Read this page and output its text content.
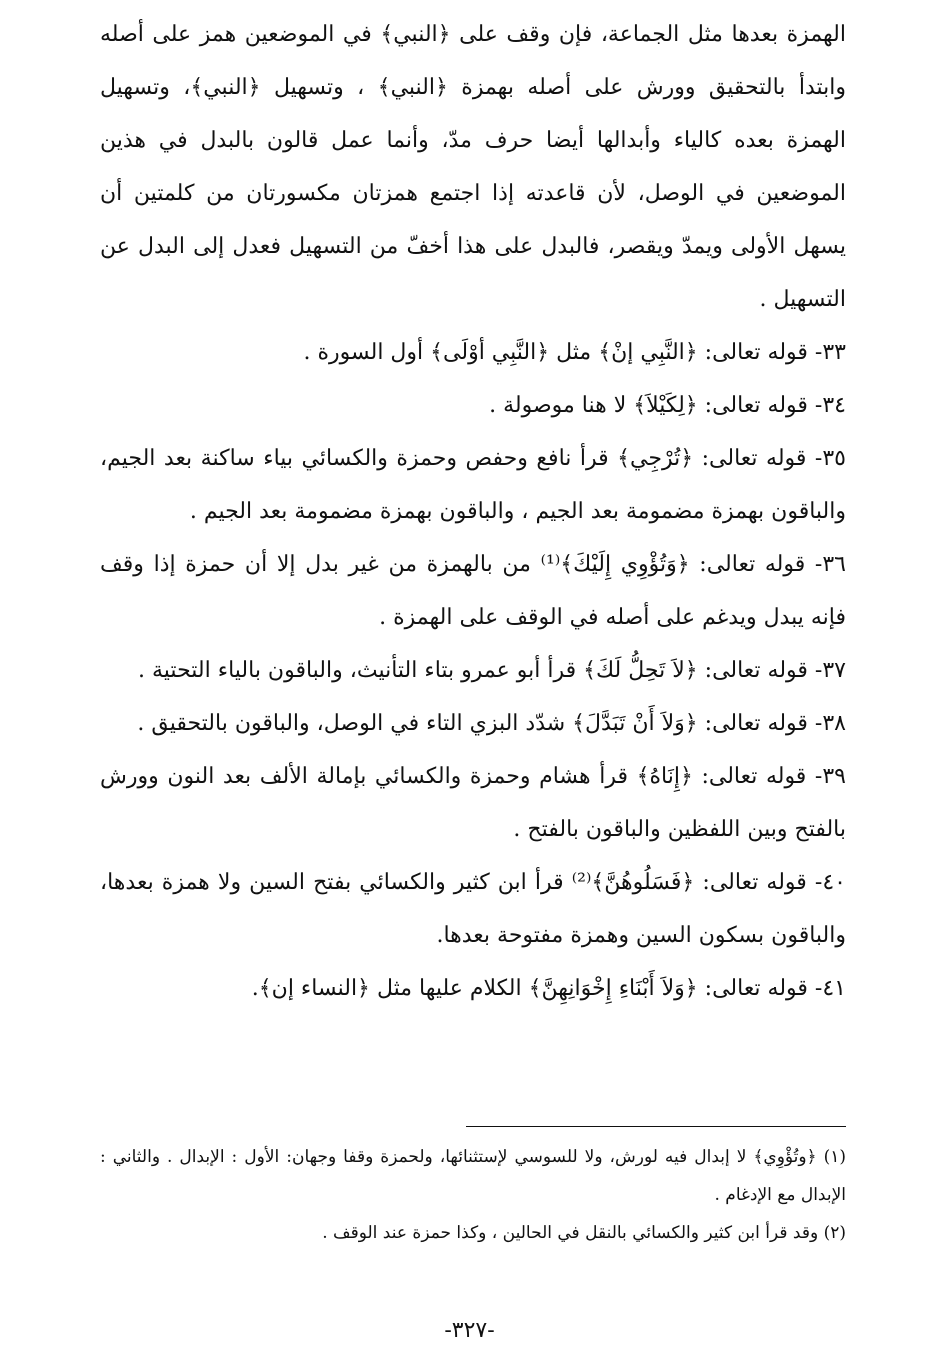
الهمزة بعدها مثل الجماعة، فإن وقف على ﴿النبي﴾ في الموضعين همز على أصله وابتدأ بالتحقيق وورش على أصله بهمزة ﴿النبي﴾ ، وتسهيل ﴿النبي﴾، وتسهيل الهمزة بعده كالياء وأبدالها أيضا حرف مدّ، وأنما عمل قالون بالبدل في هذين الموضعين في الوصل، لأن قاعدته إذا اجتمع همزتان مكسورتان من كلمتين أن يسهل الأولى ويمدّ ويقصر، فالبدل على هذا أخفّ من التسهيل فعدل إلى البدل عن التسهيل .

٣٣- قوله تعالى: ﴿النَّبِي إنْ﴾ مثل ﴿النَّبِي أوْلَى﴾ أول السورة .

٣٤- قوله تعالى: ﴿لِكَيْلاَ﴾ لا هنا موصولة .

٣٥- قوله تعالى: ﴿تُرْجِي﴾ قرأ نافع وحفص وحمزة والكسائي بياء ساكنة بعد الجيم، والباقون بهمزة مضمومة بعد الجيم ، والباقون بهمزة مضمومة بعد الجيم .

٣٦- قوله تعالى: ﴿وَتُؤْوِي إِلَيْكَ﴾⁽¹⁾ من بالهمزة من غير بدل إلا أن حمزة إذا وقف فإنه يبدل ويدغم على أصله في الوقف على الهمزة .

٣٧- قوله تعالى: ﴿لاَ تَحِلُّ لَكَ﴾ قرأ أبو عمرو بتاء التأنيث، والباقون بالياء التحتية .

٣٨- قوله تعالى: ﴿وَلاَ أَنْ تَبَدَّلَ﴾ شدّد البزي التاء في الوصل، والباقون بالتحقيق .

٣٩- قوله تعالى: ﴿إِنَاهُ﴾ قرأ هشام وحمزة والكسائي بإمالة الألف بعد النون وورش بالفتح وبين اللفظين والباقون بالفتح .

٤٠- قوله تعالى: ﴿فَسَلُوهُنَّ﴾⁽²⁾ قرأ ابن كثير والكسائي بفتح السين ولا همزة بعدها، والباقون بسكون السين وهمزة مفتوحة بعدها.

٤١- قوله تعالى: ﴿وَلاَ أَبْنَاءِ إِخْوَانِهِنَّ﴾ الكلام عليها مثل ﴿النساء إن﴾.

(١) ﴿وتُؤْوِي﴾ لا إبدال فيه لورش، ولا للسوسي لإستثنائها، ولحمزة وقفا وجهان: الأول : الإبدال . والثاني : الإبدال مع الإدغام .

(٢) وقد قرأ ابن كثير والكسائي بالنقل في الحالين ، وكذا حمزة عند الوقف .

-٣٢٧-
